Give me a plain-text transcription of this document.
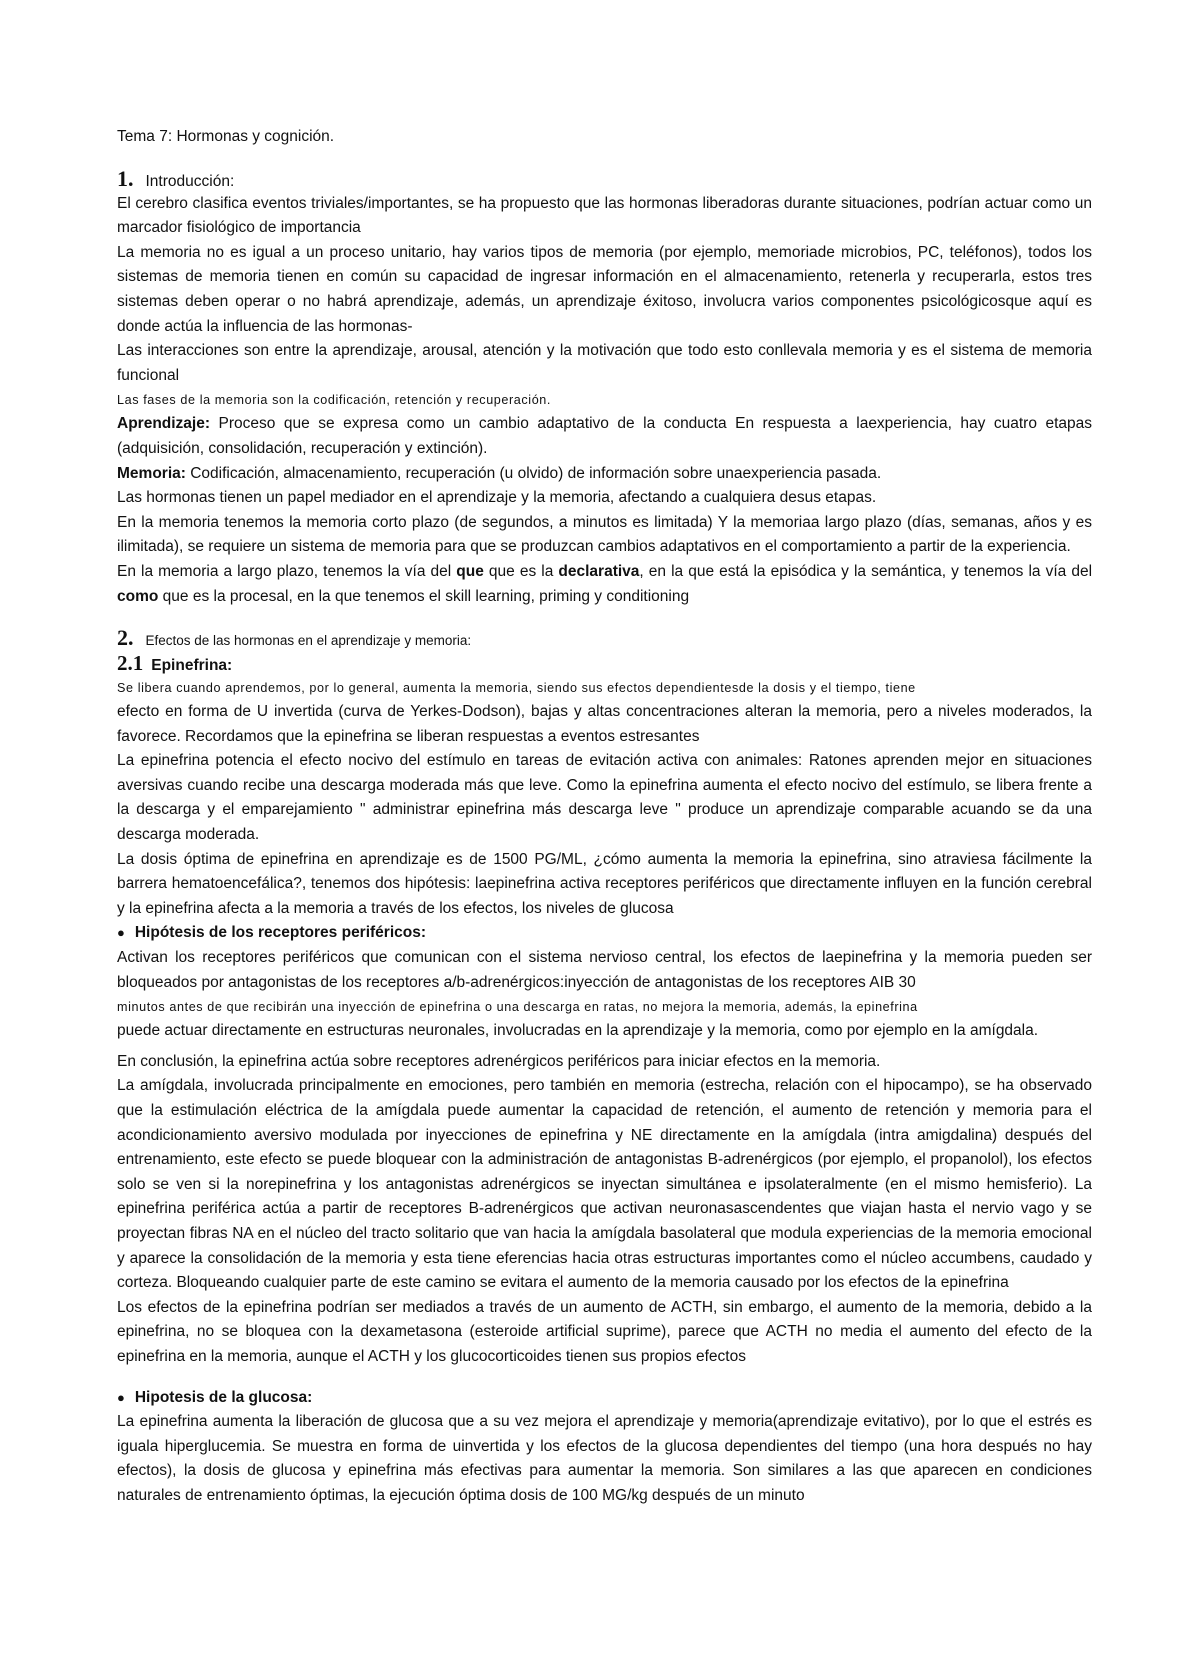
Tema 7: Hormonas y cognición.

1. Introducción:

El cerebro clasifica eventos triviales/importantes, se ha propuesto que las hormonas liberadoras durante situaciones, podrían actuar como un marcador fisiológico de importancia

La memoria no es igual a un proceso unitario, hay varios tipos de memoria (por ejemplo, memoriade microbios, PC, teléfonos), todos los sistemas de memoria tienen en común su capacidad de ingresar información en el almacenamiento, retenerla y recuperarla, estos tres sistemas deben operar o no habrá aprendizaje, además, un aprendizaje éxitoso, involucra varios componentes psicológicosque aquí es donde actúa la influencia de las hormonas-

Las interacciones son entre la aprendizaje, arousal, atención y la motivación que todo esto conllevala memoria y es el sistema de memoria funcional

Las fases de la memoria son la codificación, retención y recuperación.

Aprendizaje: Proceso que se expresa como un cambio adaptativo de la conducta En respuesta a laexperiencia, hay cuatro etapas (adquisición, consolidación, recuperación y extinción).

Memoria: Codificación, almacenamiento, recuperación (u olvido) de información sobre unaexperiencia pasada.

Las hormonas tienen un papel mediador en el aprendizaje y la memoria, afectando a cualquiera desus etapas.

En la memoria tenemos la memoria corto plazo (de segundos, a minutos es limitada) Y la memoriaa largo plazo (días, semanas, años y es ilimitada), se requiere un sistema de memoria para que se produzcan cambios adaptativos en el comportamiento a partir de la experiencia.

En la memoria a largo plazo, tenemos la vía del que que es la declarativa, en la que está la episódica y la semántica, y tenemos la vía del como que es la procesal, en la que tenemos el skill learning, priming y conditioning

2. Efectos de las hormonas en el aprendizaje y memoria:
2.1 Epinefrina:

Se libera cuando aprendemos, por lo general, aumenta la memoria, siendo sus efectos dependientesde la dosis y el tiempo, tiene

efecto en forma de U invertida (curva de Yerkes-Dodson), bajas y altas concentraciones alteran la memoria, pero a niveles moderados, la favorece. Recordamos que la epinefrina se liberan respuestas a eventos estresantes

La epinefrina potencia el efecto nocivo del estímulo en tareas de evitación activa con animales: Ratones aprenden mejor en situaciones aversivas cuando recibe una descarga moderada más que leve. Como la epinefrina aumenta el efecto nocivo del estímulo, se libera frente a la descarga y el emparejamiento " administrar epinefrina más descarga leve " produce un aprendizaje comparable acuando se da una descarga moderada.

La dosis óptima de epinefrina en aprendizaje es de 1500 PG/ML, ¿cómo aumenta la memoria la epinefrina, sino atraviesa fácilmente la barrera hematoencefálica?, tenemos dos hipótesis: laepinefrina activa receptores periféricos que directamente influyen en la función cerebral y la epinefrina afecta a la memoria a través de los efectos, los niveles de glucosa

● Hipótesis de los receptores periféricos:

Activan los receptores periféricos que comunican con el sistema nervioso central, los efectos de laepinefrina y la memoria pueden ser bloqueados por antagonistas de los receptores a/b-adrenérgicos:inyección de antagonistas de los receptores AIB 30

minutos antes de que recibirán una inyección de epinefrina o una descarga en ratas, no mejora la memoria, además, la epinefrina

puede actuar directamente en estructuras neuronales, involucradas en la aprendizaje y la memoria, como por ejemplo en la amígdala.

En conclusión, la epinefrina actúa sobre receptores adrenérgicos periféricos para iniciar efectos en la memoria.

La amígdala, involucrada principalmente en emociones, pero también en memoria (estrecha, relación con el hipocampo), se ha observado que la estimulación eléctrica de la amígdala puede aumentar la capacidad de retención, el aumento de retención y memoria para el acondicionamiento aversivo modulada por inyecciones de epinefrina y NE directamente en la amígdala (intra amigdalina) después del entrenamiento, este efecto se puede bloquear con la administración de antagonistas B-adrenérgicos (por ejemplo, el propanolol), los efectos solo se ven si la norepinefrina y los antagonistas adrenérgicos se inyectan simultánea e ipsolateralmente (en el mismo hemisferio). La epinefrina periférica actúa a partir de receptores B-adrenérgicos que activan neuronasascendentes que viajan hasta el nervio vago y se proyectan fibras NA en el núcleo del tracto solitario que van hacia la amígdala basolateral que modula experiencias de la memoria emocional y aparece la consolidación de la memoria y esta tiene eferencias hacia otras estructuras importantes como el núcleo accumbens, caudado y corteza. Bloqueando cualquier parte de este camino se evitara el aumento de la memoria causado por los efectos de la epinefrina

Los efectos de la epinefrina podrían ser mediados a través de un aumento de ACTH, sin embargo, el aumento de la memoria, debido a la epinefrina, no se bloquea con la dexametasona (esteroide artificial suprime), parece que ACTH no media el aumento del efecto de la epinefrina en la memoria, aunque el ACTH y los glucocorticoides tienen sus propios efectos

● Hipotesis de la glucosa:

La epinefrina aumenta la liberación de glucosa que a su vez mejora el aprendizaje y memoria(aprendizaje evitativo), por lo que el estrés es iguala hiperglucemia. Se muestra en forma de uinvertida y los efectos de la glucosa dependientes del tiempo (una hora después no hay efectos), la dosis de glucosa y epinefrina más efectivas para aumentar la memoria. Son similares a las que aparecen en condiciones naturales de entrenamiento óptimas, la ejecución óptima dosis de 100 MG/kg después de un minuto
